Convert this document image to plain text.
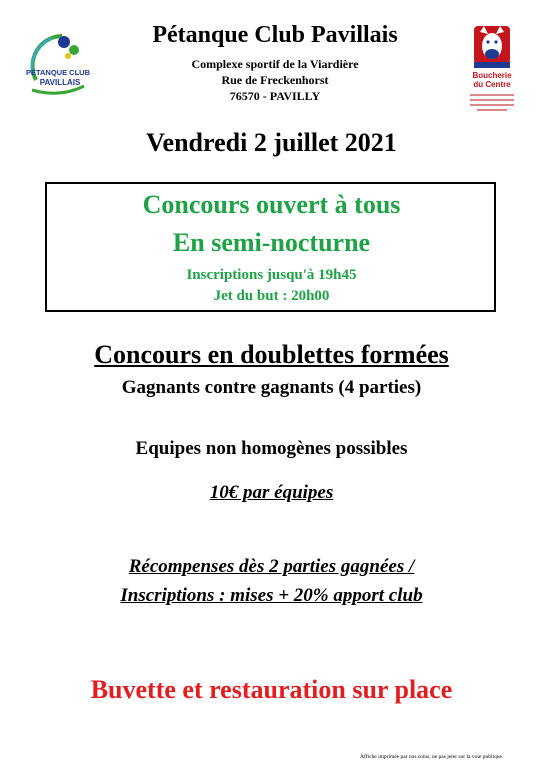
PÉTANQUE CLUB
PAVILLAIS
Pétanque Club Pavillais
Complexe sportif de la Viardière
Rue de Freckenhorst
76570 - PAVILLY
Boucherie
du Centre
Vendredi 2 juillet 2021
Concours ouvert à tous
En semi-nocturne
Inscriptions jusqu'à 19h45
Jet du but : 20h00
Concours en doublettes formées
Gagnants contre gagnants (4 parties)
Equipes non homogènes possibles
10€ par équipes
Récompenses dès 2 parties gagnées /
Inscriptions : mises + 20% apport club
Buvette et restauration sur place
Affiche imprimée par nos soins, ne pas jeter sur la voie publique.
